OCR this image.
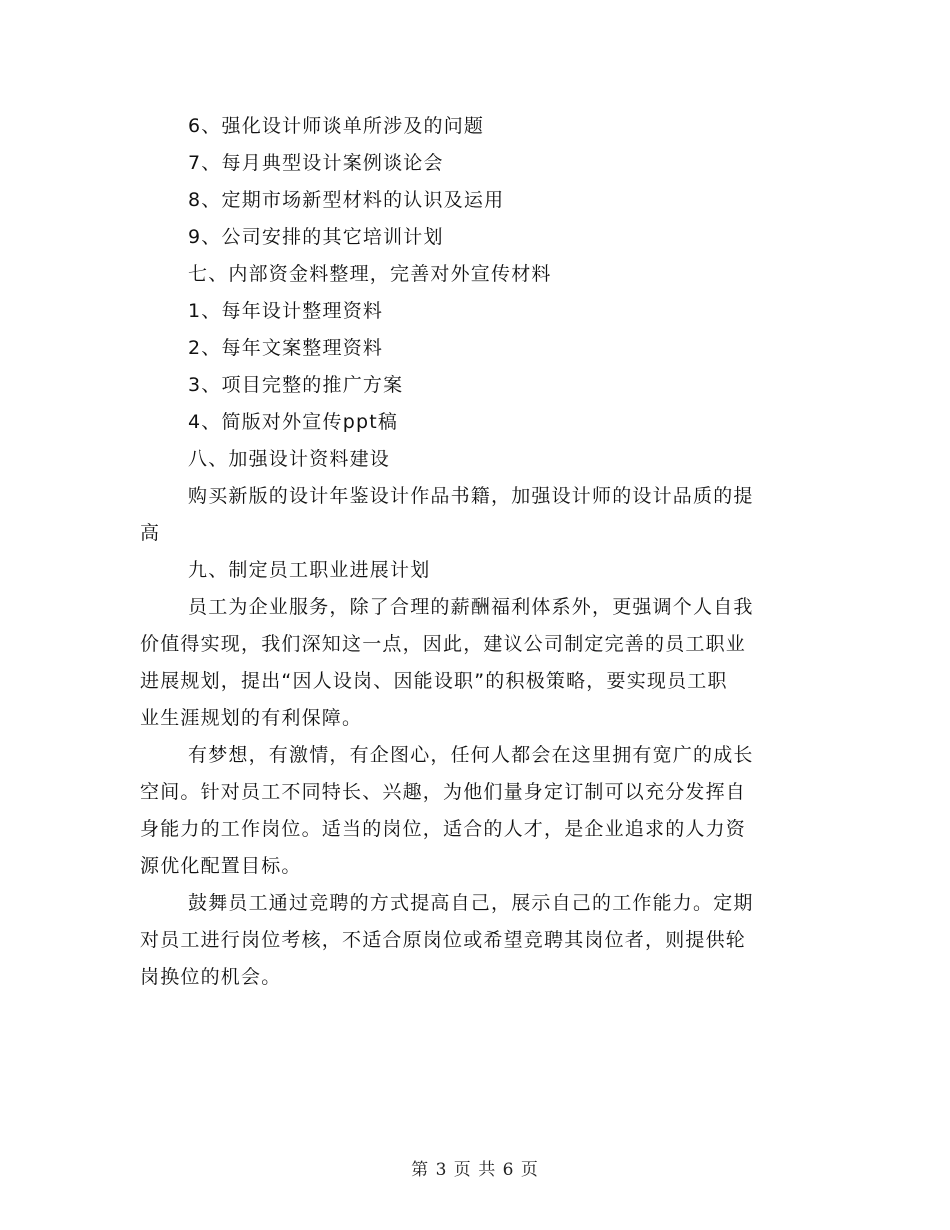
6、强化设计师谈单所涉及的问题
7、每月典型设计案例谈论会
8、定期市场新型材料的认识及运用
9、公司安排的其它培训计划
七、内部资金料整理，完善对外宣传材料
1、每年设计整理资料
2、每年文案整理资料
3、项目完整的推广方案
4、简版对外宣传ppt稿
八、加强设计资料建设
购买新版的设计年鉴设计作品书籍，加强设计师的设计品质的提
高
九、制定员工职业进展计划
员工为企业服务，除了合理的薪酬福利体系外，更强调个人自我
价值得实现，我们深知这一点，因此，建议公司制定完善的员工职业
进展规划，提出“因人设岗、因能设职”的积极策略，要实现员工职
业生涯规划的有利保障。
有梦想，有激情，有企图心，任何人都会在这里拥有宽广的成长
空间。针对员工不同特长、兴趣，为他们量身定订制可以充分发挥自
身能力的工作岗位。适当的岗位，适合的人才，是企业追求的人力资
源优化配置目标。
鼓舞员工通过竞聘的方式提高自己，展示自己的工作能力。定期
对员工进行岗位考核，不适合原岗位或希望竞聘其岗位者，则提供轮
岗换位的机会。
第 3 页 共 6 页
